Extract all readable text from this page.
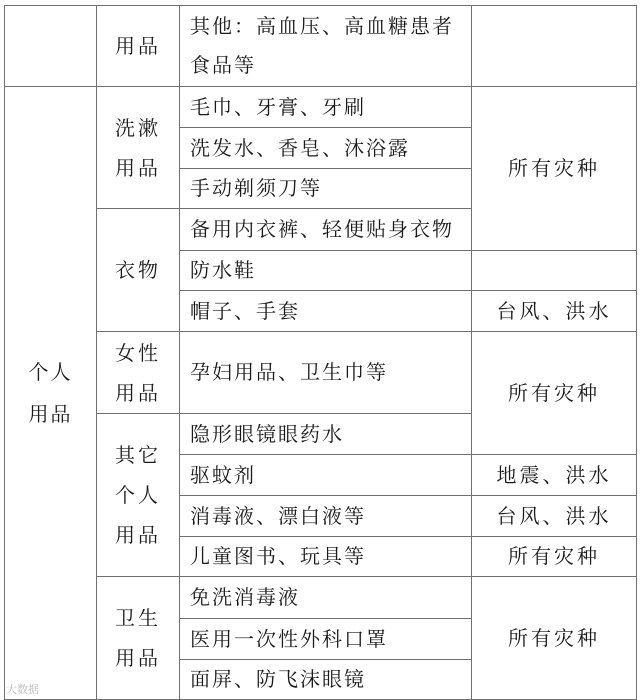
	用品	其他：高血压、高血糖患者食品等	

个人用品	洗漱用品	毛巾、牙膏、牙刷	所有灾种
		洗发水、香皂、沐浴露	
		手动剃须刀等	
	衣物	备用内衣裤、轻便贴身衣物	
		防水鞋	
		帽子、手套	台风、洪水

	女性用品	孕妇用品、卫生巾等	所有灾种

	其它个人用品	隐形眼镜眼药水	
		驱蚊剂	地震、洪水
		消毒液、漂白液等	台风、洪水
		儿童图书、玩具等	所有灾种

	卫生用品	免洗消毒液	所有灾种
		医用一次性外科口罩	
		面屏、防飞沫眼镜	
大数据
